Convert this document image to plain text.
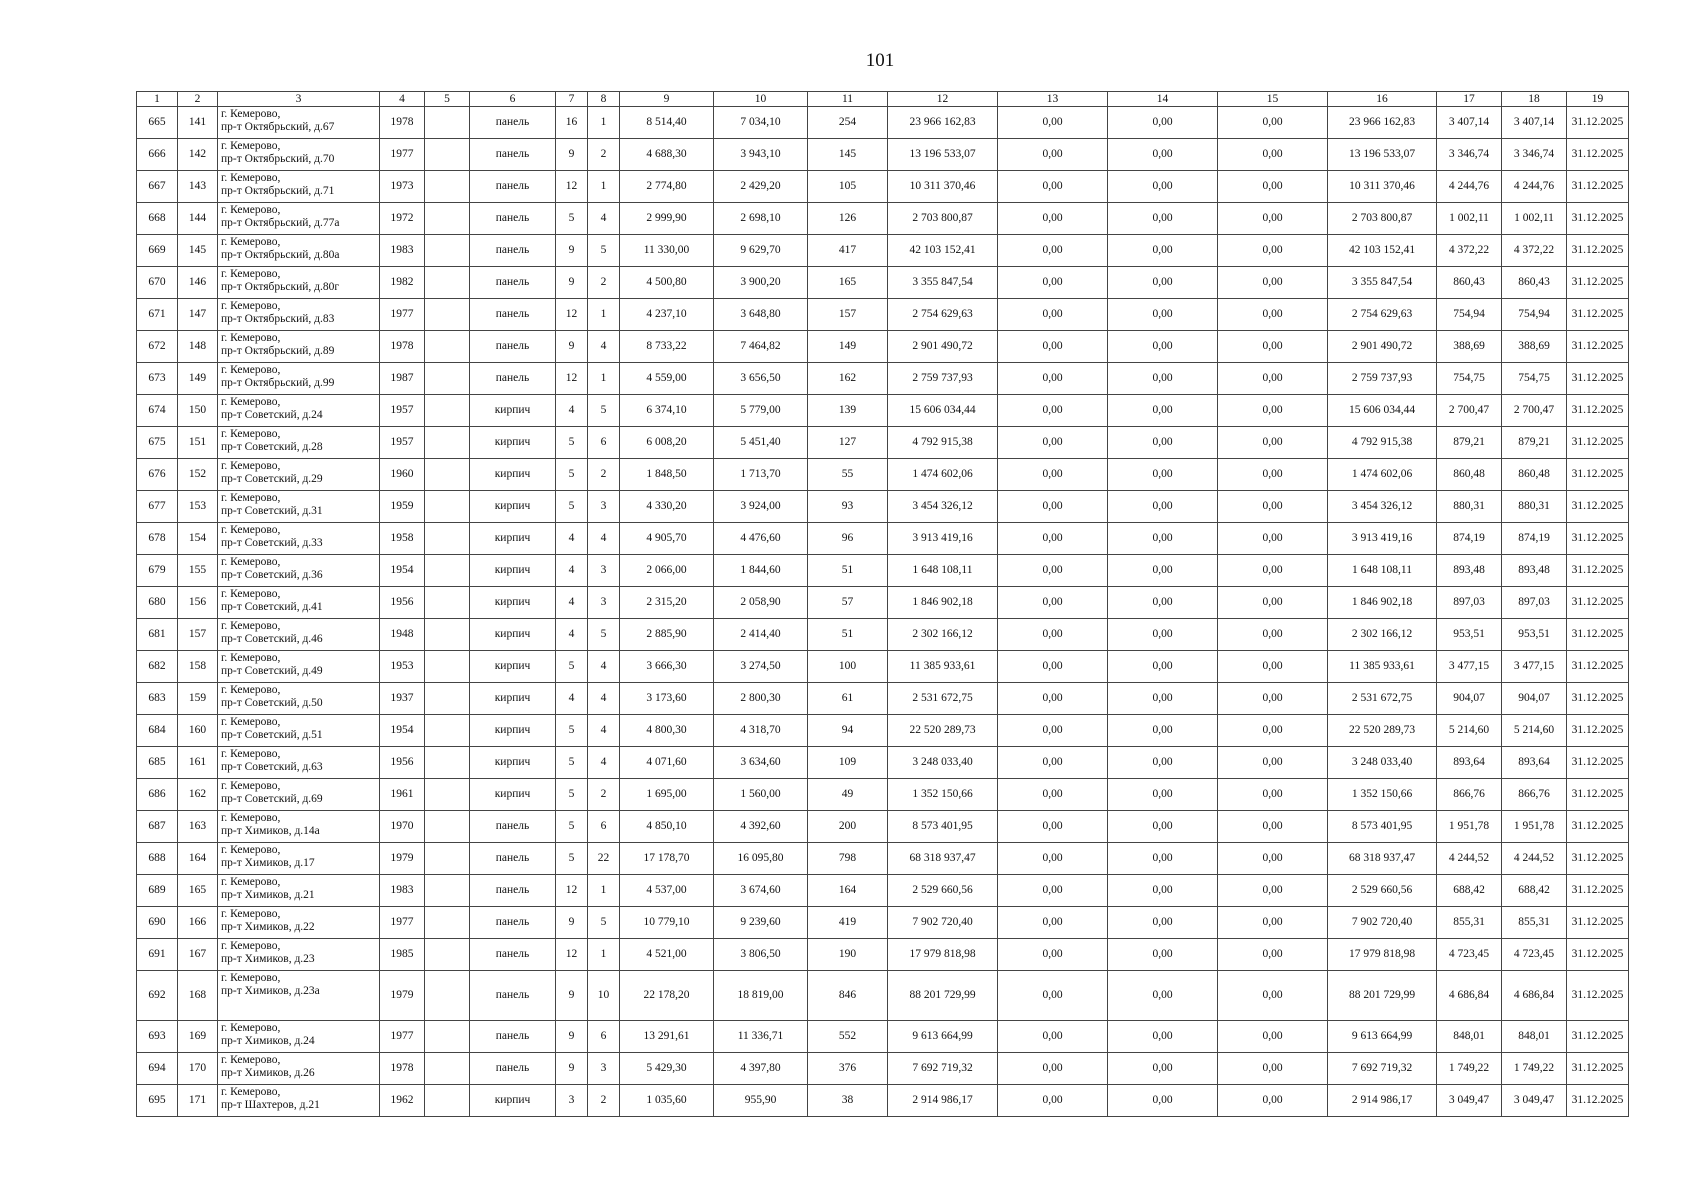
101
1	2	3	4	5	6	7	8	9	10	11	12	13	14	15	16	17	18	19
665	141	г. Кемерово,
пр-т Октябрьский, д.67	1978		панель	16	1	8 514,40	7 034,10	254	23 966 162,83	0,00	0,00	0,00	23 966 162,83	3 407,14	3 407,14	31.12.2025
666	142	г. Кемерово,
пр-т Октябрьский, д.70	1977		панель	9	2	4 688,30	3 943,10	145	13 196 533,07	0,00	0,00	0,00	13 196 533,07	3 346,74	3 346,74	31.12.2025
667	143	г. Кемерово,
пр-т Октябрьский, д.71	1973		панель	12	1	2 774,80	2 429,20	105	10 311 370,46	0,00	0,00	0,00	10 311 370,46	4 244,76	4 244,76	31.12.2025
668	144	г. Кемерово,
пр-т Октябрьский, д.77а	1972		панель	5	4	2 999,90	2 698,10	126	2 703 800,87	0,00	0,00	0,00	2 703 800,87	1 002,11	1 002,11	31.12.2025
669	145	г. Кемерово,
пр-т Октябрьский, д.80а	1983		панель	9	5	11 330,00	9 629,70	417	42 103 152,41	0,00	0,00	0,00	42 103 152,41	4 372,22	4 372,22	31.12.2025
670	146	г. Кемерово,
пр-т Октябрьский, д.80г	1982		панель	9	2	4 500,80	3 900,20	165	3 355 847,54	0,00	0,00	0,00	3 355 847,54	860,43	860,43	31.12.2025
671	147	г. Кемерово,
пр-т Октябрьский, д.83	1977		панель	12	1	4 237,10	3 648,80	157	2 754 629,63	0,00	0,00	0,00	2 754 629,63	754,94	754,94	31.12.2025
672	148	г. Кемерово,
пр-т Октябрьский, д.89	1978		панель	9	4	8 733,22	7 464,82	149	2 901 490,72	0,00	0,00	0,00	2 901 490,72	388,69	388,69	31.12.2025
673	149	г. Кемерово,
пр-т Октябрьский, д.99	1987		панель	12	1	4 559,00	3 656,50	162	2 759 737,93	0,00	0,00	0,00	2 759 737,93	754,75	754,75	31.12.2025
674	150	г. Кемерово,
пр-т Советский, д.24	1957		кирпич	4	5	6 374,10	5 779,00	139	15 606 034,44	0,00	0,00	0,00	15 606 034,44	2 700,47	2 700,47	31.12.2025
675	151	г. Кемерово,
пр-т Советский, д.28	1957		кирпич	5	6	6 008,20	5 451,40	127	4 792 915,38	0,00	0,00	0,00	4 792 915,38	879,21	879,21	31.12.2025
676	152	г. Кемерово,
пр-т Советский, д.29	1960		кирпич	5	2	1 848,50	1 713,70	55	1 474 602,06	0,00	0,00	0,00	1 474 602,06	860,48	860,48	31.12.2025
677	153	г. Кемерово,
пр-т Советский, д.31	1959		кирпич	5	3	4 330,20	3 924,00	93	3 454 326,12	0,00	0,00	0,00	3 454 326,12	880,31	880,31	31.12.2025
678	154	г. Кемерово,
пр-т Советский, д.33	1958		кирпич	4	4	4 905,70	4 476,60	96	3 913 419,16	0,00	0,00	0,00	3 913 419,16	874,19	874,19	31.12.2025
679	155	г. Кемерово,
пр-т Советский, д.36	1954		кирпич	4	3	2 066,00	1 844,60	51	1 648 108,11	0,00	0,00	0,00	1 648 108,11	893,48	893,48	31.12.2025
680	156	г. Кемерово,
пр-т Советский, д.41	1956		кирпич	4	3	2 315,20	2 058,90	57	1 846 902,18	0,00	0,00	0,00	1 846 902,18	897,03	897,03	31.12.2025
681	157	г. Кемерово,
пр-т Советский, д.46	1948		кирпич	4	5	2 885,90	2 414,40	51	2 302 166,12	0,00	0,00	0,00	2 302 166,12	953,51	953,51	31.12.2025
682	158	г. Кемерово,
пр-т Советский, д.49	1953		кирпич	5	4	3 666,30	3 274,50	100	11 385 933,61	0,00	0,00	0,00	11 385 933,61	3 477,15	3 477,15	31.12.2025
683	159	г. Кемерово,
пр-т Советский, д.50	1937		кирпич	4	4	3 173,60	2 800,30	61	2 531 672,75	0,00	0,00	0,00	2 531 672,75	904,07	904,07	31.12.2025
684	160	г. Кемерово,
пр-т Советский, д.51	1954		кирпич	5	4	4 800,30	4 318,70	94	22 520 289,73	0,00	0,00	0,00	22 520 289,73	5 214,60	5 214,60	31.12.2025
685	161	г. Кемерово,
пр-т Советский, д.63	1956		кирпич	5	4	4 071,60	3 634,60	109	3 248 033,40	0,00	0,00	0,00	3 248 033,40	893,64	893,64	31.12.2025
686	162	г. Кемерово,
пр-т Советский, д.69	1961		кирпич	5	2	1 695,00	1 560,00	49	1 352 150,66	0,00	0,00	0,00	1 352 150,66	866,76	866,76	31.12.2025
687	163	г. Кемерово,
пр-т Химиков, д.14а	1970		панель	5	6	4 850,10	4 392,60	200	8 573 401,95	0,00	0,00	0,00	8 573 401,95	1 951,78	1 951,78	31.12.2025
688	164	г. Кемерово,
пр-т Химиков, д.17	1979		панель	5	22	17 178,70	16 095,80	798	68 318 937,47	0,00	0,00	0,00	68 318 937,47	4 244,52	4 244,52	31.12.2025
689	165	г. Кемерово,
пр-т Химиков, д.21	1983		панель	12	1	4 537,00	3 674,60	164	2 529 660,56	0,00	0,00	0,00	2 529 660,56	688,42	688,42	31.12.2025
690	166	г. Кемерово,
пр-т Химиков, д.22	1977		панель	9	5	10 779,10	9 239,60	419	7 902 720,40	0,00	0,00	0,00	7 902 720,40	855,31	855,31	31.12.2025
691	167	г. Кемерово,
пр-т Химиков, д.23	1985		панель	12	1	4 521,00	3 806,50	190	17 979 818,98	0,00	0,00	0,00	17 979 818,98	4 723,45	4 723,45	31.12.2025
692	168	г. Кемерово,
пр-т Химиков, д.23а	1979		панель	9	10	22 178,20	18 819,00	846	88 201 729,99	0,00	0,00	0,00	88 201 729,99	4 686,84	4 686,84	31.12.2025
693	169	г. Кемерово,
пр-т Химиков, д.24	1977		панель	9	6	13 291,61	11 336,71	552	9 613 664,99	0,00	0,00	0,00	9 613 664,99	848,01	848,01	31.12.2025
694	170	г. Кемерово,
пр-т Химиков, д.26	1978		панель	9	3	5 429,30	4 397,80	376	7 692 719,32	0,00	0,00	0,00	7 692 719,32	1 749,22	1 749,22	31.12.2025
695	171	г. Кемерово,
пр-т Шахтеров, д.21	1962		кирпич	3	2	1 035,60	955,90	38	2 914 986,17	0,00	0,00	0,00	2 914 986,17	3 049,47	3 049,47	31.12.2025
